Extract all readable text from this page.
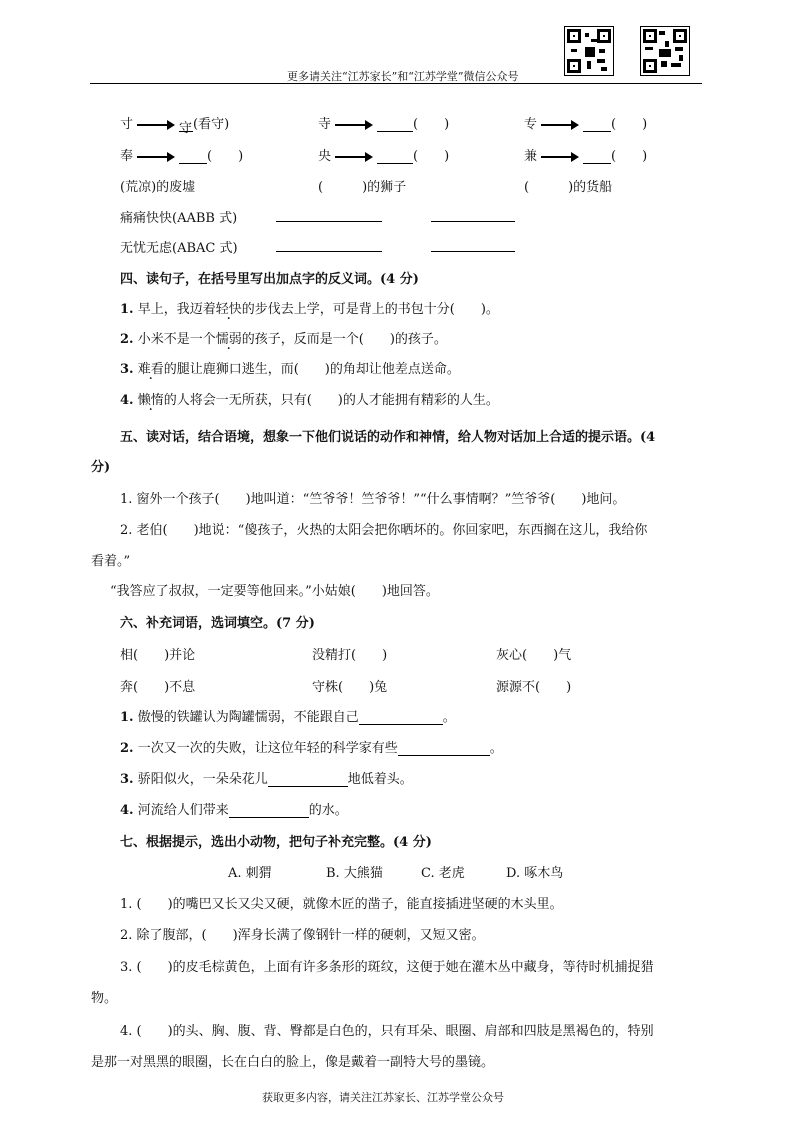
更多请关注“江苏家长”和“江苏学堂”微信公众号
寸	守(看守)	寺	(　　)	专	(　　)
奉	(　　)	央	(　　)	兼	(　　)
(荒凉)的废墟	(　　　)的狮子	(　　　)的货船
痛痛快快(AABB 式)
无忧无虑(ABAC 式)
四、读句子，在括号里写出加点字的反义词。(4 分)
1. 早上，我迈着轻快的步伐去上学，可是背上的书包十分(　　)。
2. 小米不是一个懦弱的孩子，反而是一个(　　)的孩子。
3. 难看的腿让鹿狮口逃生，而(　　)的角却让他差点送命。
4. 懒惰的人将会一无所获，只有(　　)的人才能拥有精彩的人生。
五、读对话，结合语境，想象一下他们说话的动作和神情，给人物对话加上合适的提示语。(4
分)
1. 窗外一个孩子(　　)地叫道：“竺爷爷！竺爷爷！”“什么事情啊？”竺爷爷(　　)地问。
2. 老伯(　　)地说：“傻孩子，火热的太阳会把你晒坏的。你回家吧，东西搁在这儿，我给你
看着。”
“我答应了叔叔，一定要等他回来。”小姑娘(　　)地回答。
六、补充词语，选词填空。(7 分)
相(　　)并论	没精打(　　)	灰心(　　)气
奔(　　)不息	守株(　　)兔	源源不(　　)
1. 傲慢的铁罐认为陶罐懦弱，不能跟自己	。
2. 一次又一次的失败，让这位年轻的科学家有些	。
3. 骄阳似火，一朵朵花儿	地低着头。
4. 河流给人们带来	的水。
七、根据提示，选出小动物，把句子补充完整。(4 分)
A. 刺猬	B. 大熊猫	C. 老虎	D. 啄木鸟
1. (　　)的嘴巴又长又尖又硬，就像木匠的凿子，能直接插进坚硬的木头里。
2. 除了腹部，(　　)浑身长满了像钢针一样的硬刺，又短又密。
3. (　　)的皮毛棕黄色，上面有许多条形的斑纹，这便于她在灌木丛中藏身，等待时机捕捉猎
物。
4. (　　)的头、胸、腹、背、臀都是白色的，只有耳朵、眼圈、肩部和四肢是黑褐色的，特别
是那一对黑黑的眼圈，长在白白的脸上，像是戴着一副特大号的墨镜。
获取更多内容，请关注江苏家长、江苏学堂公众号
